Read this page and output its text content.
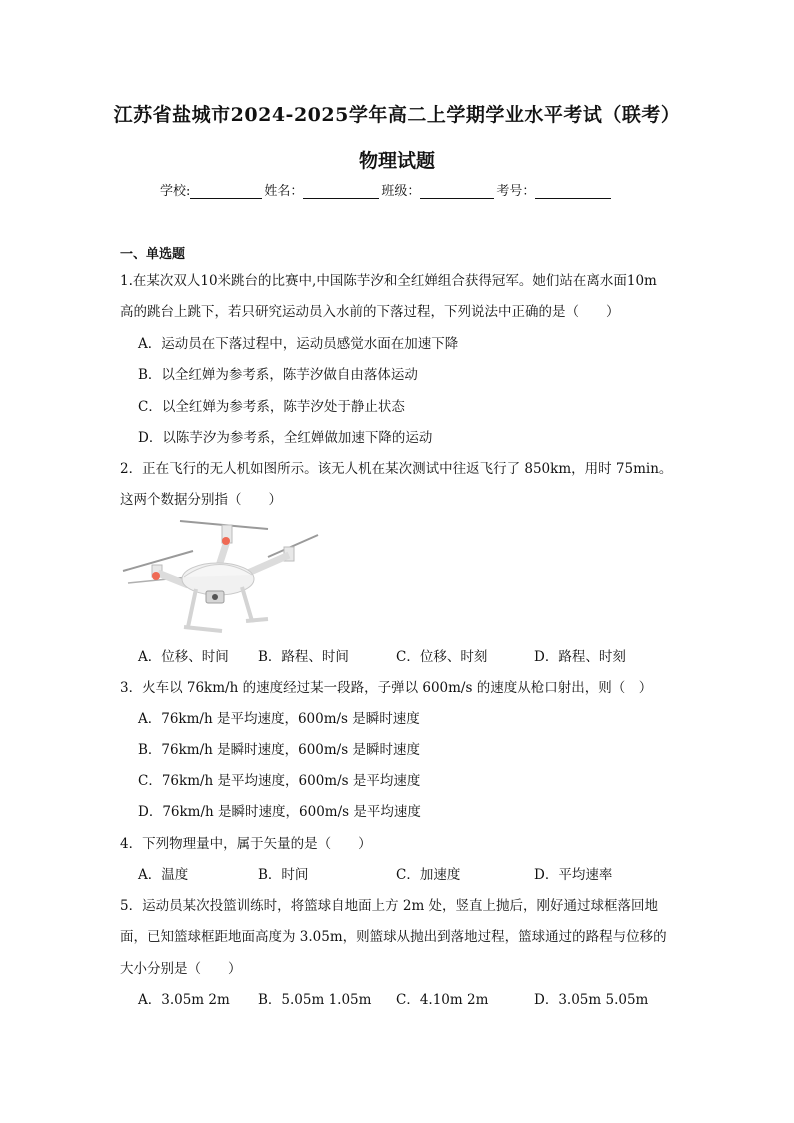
江苏省盐城市2024-2025学年高二上学期学业水平考试（联考）
物理试题
学校:	姓名：	班级：	考号：
一、单选题
1.在某次双人10米跳台的比赛中,中国陈芋汐和全红婵组合获得冠军。她们站在离水面10m
高的跳台上跳下，若只研究运动员入水前的下落过程，下列说法中正确的是（　　）
A．运动员在下落过程中，运动员感觉水面在加速下降
B．以全红婵为参考系，陈芋汐做自由落体运动
C．以全红婵为参考系，陈芋汐处于静止状态
D．以陈芋汐为参考系，全红婵做加速下降的运动
2．正在飞行的无人机如图所示。该无人机在某次测试中往返飞行了 850km，用时 75min。
这两个数据分别指（　　）
A．位移、时间 B．路程、时间	C．位移、时刻	D．路程、时刻
3．火车以 76km/h 的速度经过某一段路，子弹以 600m/s 的速度从枪口射出，则（　）
A．76km/h 是平均速度，600m/s 是瞬时速度
B．76km/h 是瞬时速度，600m/s 是瞬时速度
C．76km/h 是平均速度，600m/s 是平均速度
D．76km/h 是瞬时速度，600m/s 是平均速度
4．下列物理量中，属于矢量的是（　　）
A．温度	B．时间	C．加速度	D．平均速率
5．运动员某次投篮训练时，将篮球自地面上方 2m 处，竖直上抛后，刚好通过球框落回地
面，已知篮球框距地面高度为 3.05m，则篮球从抛出到落地过程，篮球通过的路程与位移的
大小分别是（　　）
A．3.05m 2m B．5.05m 1.05m C．4.10m 2m	D．3.05m 5.05m
